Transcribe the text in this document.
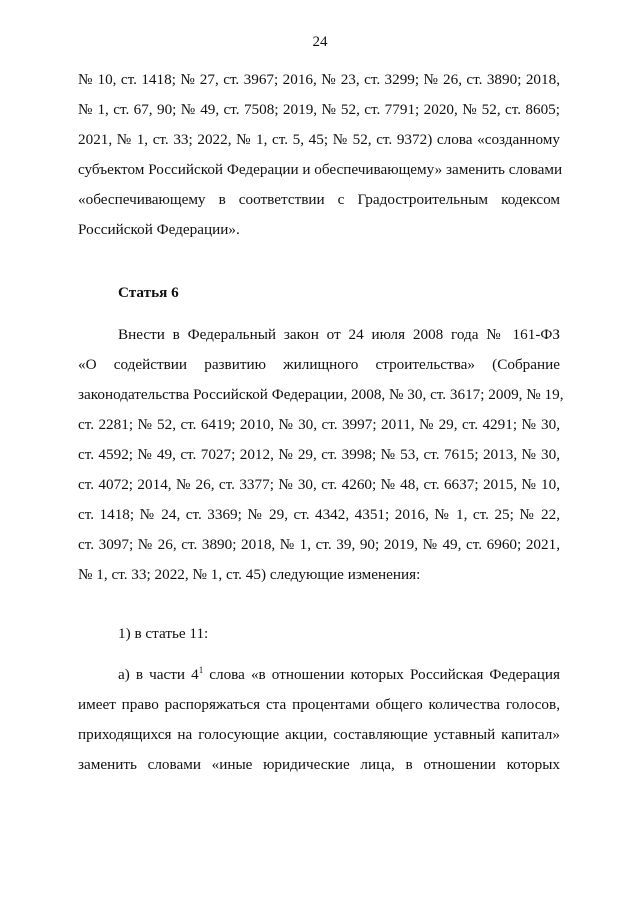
24
№ 10, ст. 1418; № 27, ст. 3967; 2016, № 23, ст. 3299; № 26, ст. 3890; 2018,
№ 1, ст. 67, 90; № 49, ст. 7508; 2019, № 52, ст. 7791; 2020, № 52, ст. 8605;
2021, № 1, ст. 33; 2022, № 1, ст. 5, 45; № 52, ст. 9372) слова «созданному
субъектом Российской Федерации и обеспечивающему» заменить словами
«обеспечивающему в соответствии с Градостроительным кодексом
Российской Федерации».
Статья 6
Внести в Федеральный закон от 24 июля 2008 года № 161-ФЗ
«О содействии развитию жилищного строительства» (Собрание
законодательства Российской Федерации, 2008, № 30, ст. 3617; 2009, № 19,
ст. 2281; № 52, ст. 6419; 2010, № 30, ст. 3997; 2011, № 29, ст. 4291; № 30,
ст. 4592; № 49, ст. 7027; 2012, № 29, ст. 3998; № 53, ст. 7615; 2013, № 30,
ст. 4072; 2014, № 26, ст. 3377; № 30, ст. 4260; № 48, ст. 6637; 2015, № 10,
ст. 1418; № 24, ст. 3369; № 29, ст. 4342, 4351; 2016, № 1, ст. 25; № 22,
ст. 3097; № 26, ст. 3890; 2018, № 1, ст. 39, 90; 2019, № 49, ст. 6960; 2021,
№ 1, ст. 33; 2022, № 1, ст. 45) следующие изменения:
1) в статье 11:
а) в части $4^1$ слова «в отношении которых Российская Федерация
имеет право распоряжаться ста процентами общего количества голосов,
приходящихся на голосующие акции, составляющие уставный капитал»
заменить словами «иные юридические лица, в отношении которых
